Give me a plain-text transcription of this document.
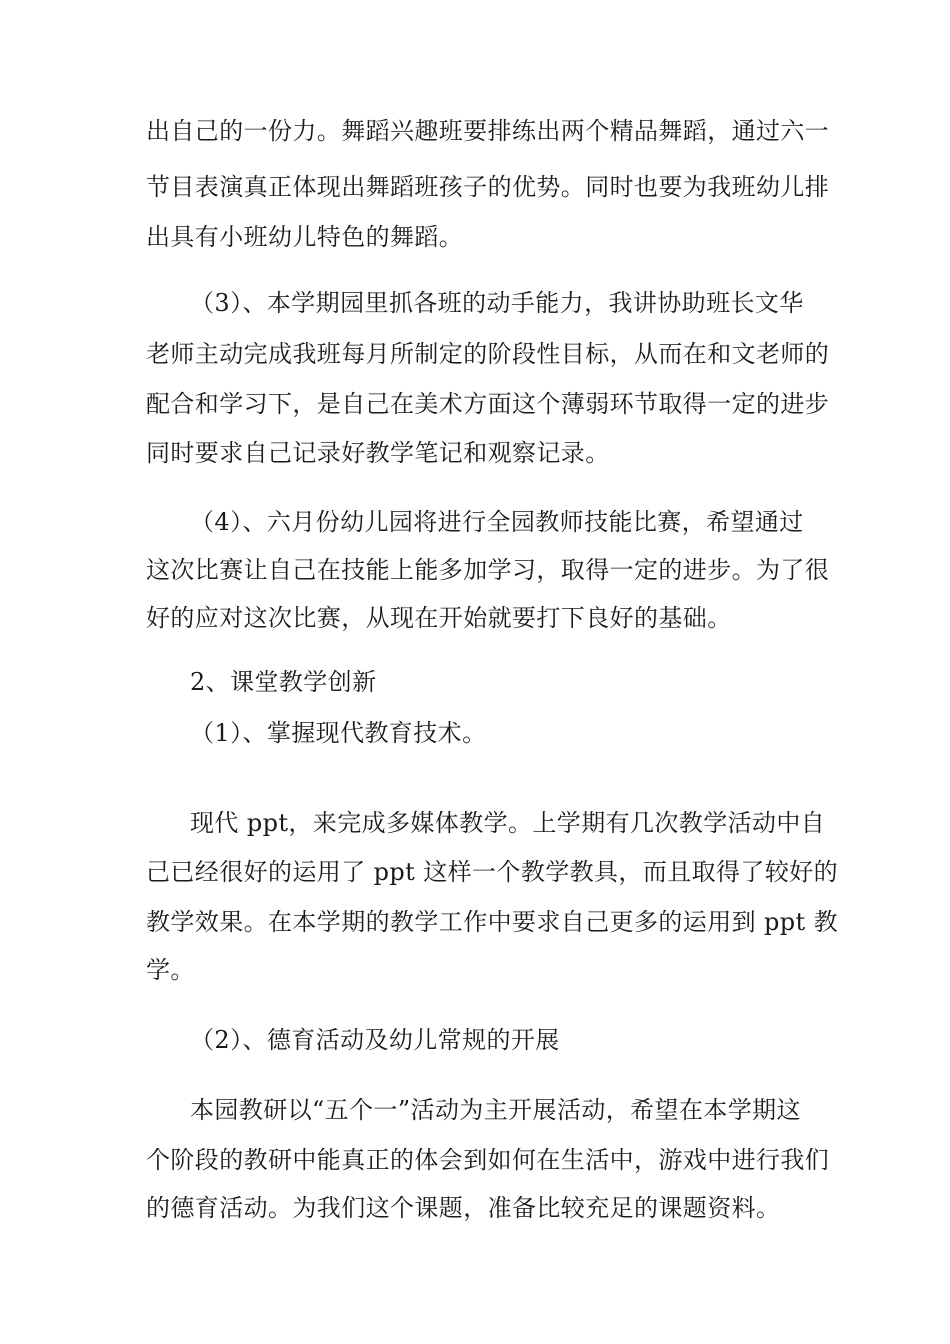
出自己的一份力。舞蹈兴趣班要排练出两个精品舞蹈，通过六一
节目表演真正体现出舞蹈班孩子的优势。同时也要为我班幼儿排
出具有小班幼儿特色的舞蹈。
（3）、本学期园里抓各班的动手能力，我讲协助班长文华
老师主动完成我班每月所制定的阶段性目标，从而在和文老师的
配合和学习下，是自己在美术方面这个薄弱环节取得一定的进步
同时要求自己记录好教学笔记和观察记录。
（4）、六月份幼儿园将进行全园教师技能比赛，希望通过
这次比赛让自己在技能上能多加学习，取得一定的进步。为了很
好的应对这次比赛，从现在开始就要打下良好的基础。
2、课堂教学创新
（1）、掌握现代教育技术。
现代 ppt，来完成多媒体教学。上学期有几次教学活动中自
己已经很好的运用了 ppt 这样一个教学教具，而且取得了较好的
教学效果。在本学期的教学工作中要求自己更多的运用到 ppt 教
学。
（2）、德育活动及幼儿常规的开展
本园教研以“五个一”活动为主开展活动，希望在本学期这
个阶段的教研中能真正的体会到如何在生活中，游戏中进行我们
的德育活动。为我们这个课题，准备比较充足的课题资料。
